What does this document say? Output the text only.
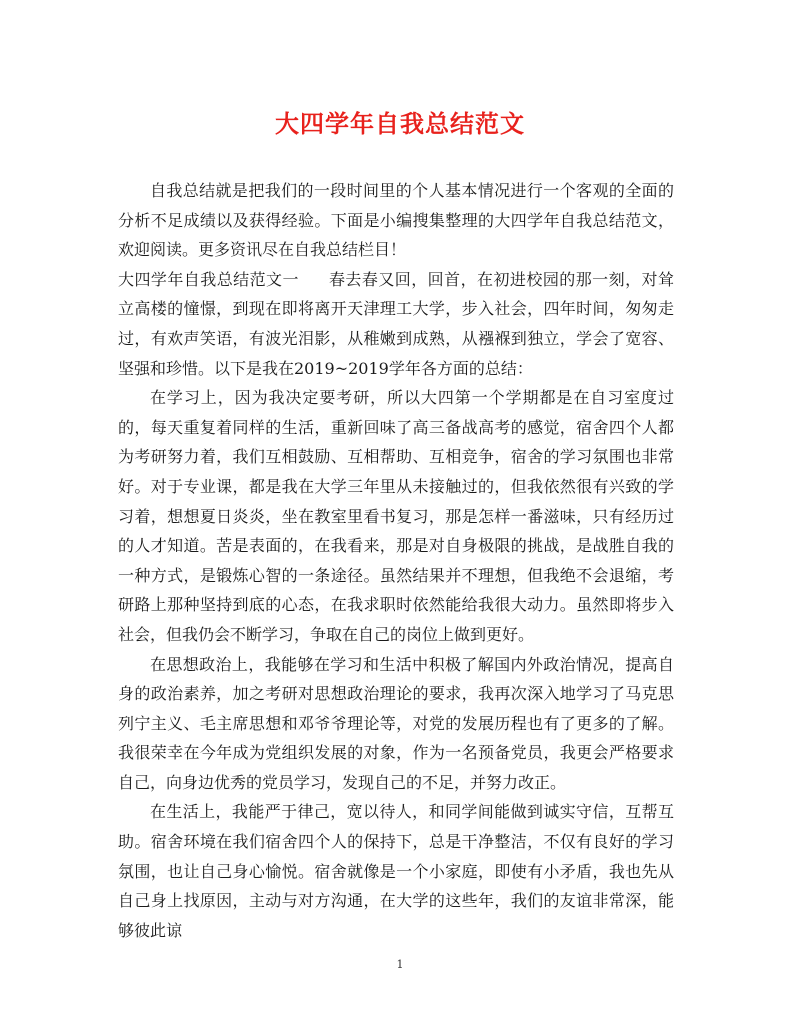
大四学年自我总结范文

自我总结就是把我们的一段时间里的个人基本情况进行一个客观的全面的分析不足成绩以及获得经验。下面是小编搜集整理的大四学年自我总结范文，欢迎阅读。更多资讯尽在自我总结栏目！

大四学年自我总结范文一 春去春又回，回首，在初进校园的那一刻，对耸立高楼的憧憬，到现在即将离开天津理工大学，步入社会，四年时间，匆匆走过，有欢声笑语，有波光泪影，从稚嫩到成熟，从襁褓到独立，学会了宽容、坚强和珍惜。以下是我在2019~2019学年各方面的总结：

在学习上，因为我决定要考研，所以大四第一个学期都是在自习室度过的，每天重复着同样的生活，重新回味了高三备战高考的感觉，宿舍四个人都为考研努力着，我们互相鼓励、互相帮助、互相竞争，宿舍的学习氛围也非常好。对于专业课，都是我在大学三年里从未接触过的，但我依然很有兴致的学习着，想想夏日炎炎，坐在教室里看书复习，那是怎样一番滋味，只有经历过的人才知道。苦是表面的，在我看来，那是对自身极限的挑战，是战胜自我的一种方式，是锻炼心智的一条途径。虽然结果并不理想，但我绝不会退缩，考研路上那种坚持到底的心态，在我求职时依然能给我很大动力。虽然即将步入社会，但我仍会不断学习，争取在自己的岗位上做到更好。

在思想政治上，我能够在学习和生活中积极了解国内外政治情况，提高自身的政治素养，加之考研对思想政治理论的要求，我再次深入地学习了马克思列宁主义、毛主席思想和邓爷爷理论等，对党的发展历程也有了更多的了解。我很荣幸在今年成为党组织发展的对象，作为一名预备党员，我更会严格要求自己，向身边优秀的党员学习，发现自己的不足，并努力改正。

在生活上，我能严于律己，宽以待人，和同学间能做到诚实守信，互帮互助。宿舍环境在我们宿舍四个人的保持下，总是干净整洁，不仅有良好的学习氛围，也让自己身心愉悦。宿舍就像是一个小家庭，即使有小矛盾，我也先从自己身上找原因，主动与对方沟通，在大学的这些年，我们的友谊非常深，能够彼此谅

1
